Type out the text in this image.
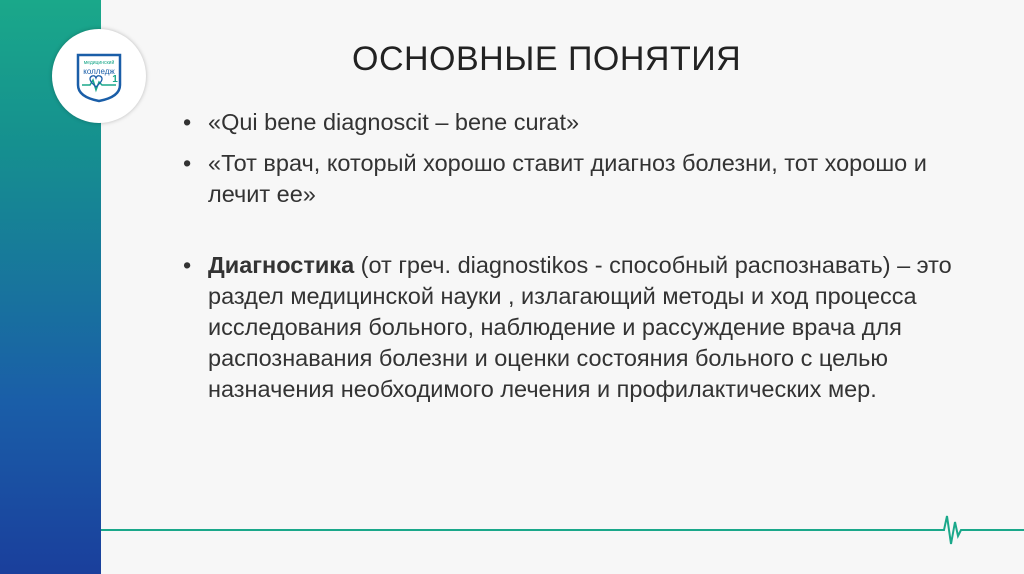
медицинский
колледж
1
ОСНОВНЫЕ ПОНЯТИЯ

• «Qui bene diagnoscit – bene curat»

• «Тот врач, который хорошо ставит диагноз болезни, тот хорошо и лечит ее»

• Диагностика (от греч. diagnostikos - способный распознавать) – это раздел медицинской науки , излагающий методы и ход процесса исследования больного, наблюдение и рассуждение врача для распознавания болезни и оценки состояния больного с целью назначения необходимого лечения и профилактических мер.
